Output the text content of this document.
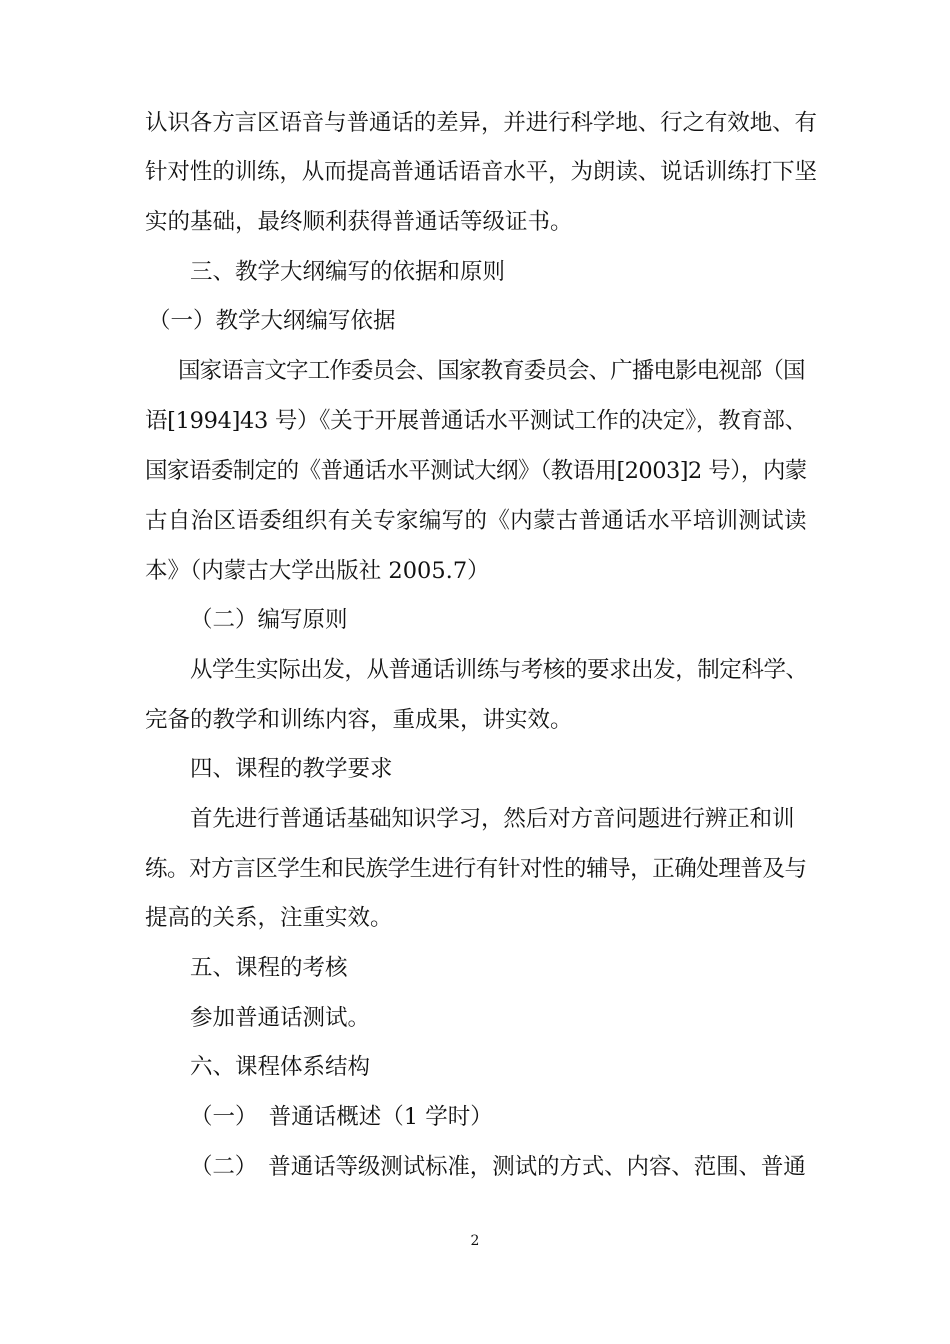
认识各方言区语音与普通话的差异，并进行科学地、行之有效地、有
针对性的训练，从而提高普通话语音水平，为朗读、说话训练打下坚
实的基础，最终顺利获得普通话等级证书。
三、教学大纲编写的依据和原则
（一）教学大纲编写依据
国家语言文字工作委员会、国家教育委员会、广播电影电视部（国
语[1994]43 号）《关于开展普通话水平测试工作的决定》，教育部、
国家语委制定的《普通话水平测试大纲》（教语用[2003]2 号），内蒙
古自治区语委组织有关专家编写的《内蒙古普通话水平培训测试读
本》（内蒙古大学出版社 2005.7）
（二）编写原则
从学生实际出发，从普通话训练与考核的要求出发，制定科学、
完备的教学和训练内容，重成果，讲实效。
四、课程的教学要求
首先进行普通话基础知识学习，然后对方音问题进行辨正和训
练。对方言区学生和民族学生进行有针对性的辅导，正确处理普及与
提高的关系，注重实效。
五、课程的考核
参加普通话测试。
六、课程体系结构
（一）　普通话概述（1 学时）
（二）　普通话等级测试标准，测试的方式、内容、范围、普通
2
